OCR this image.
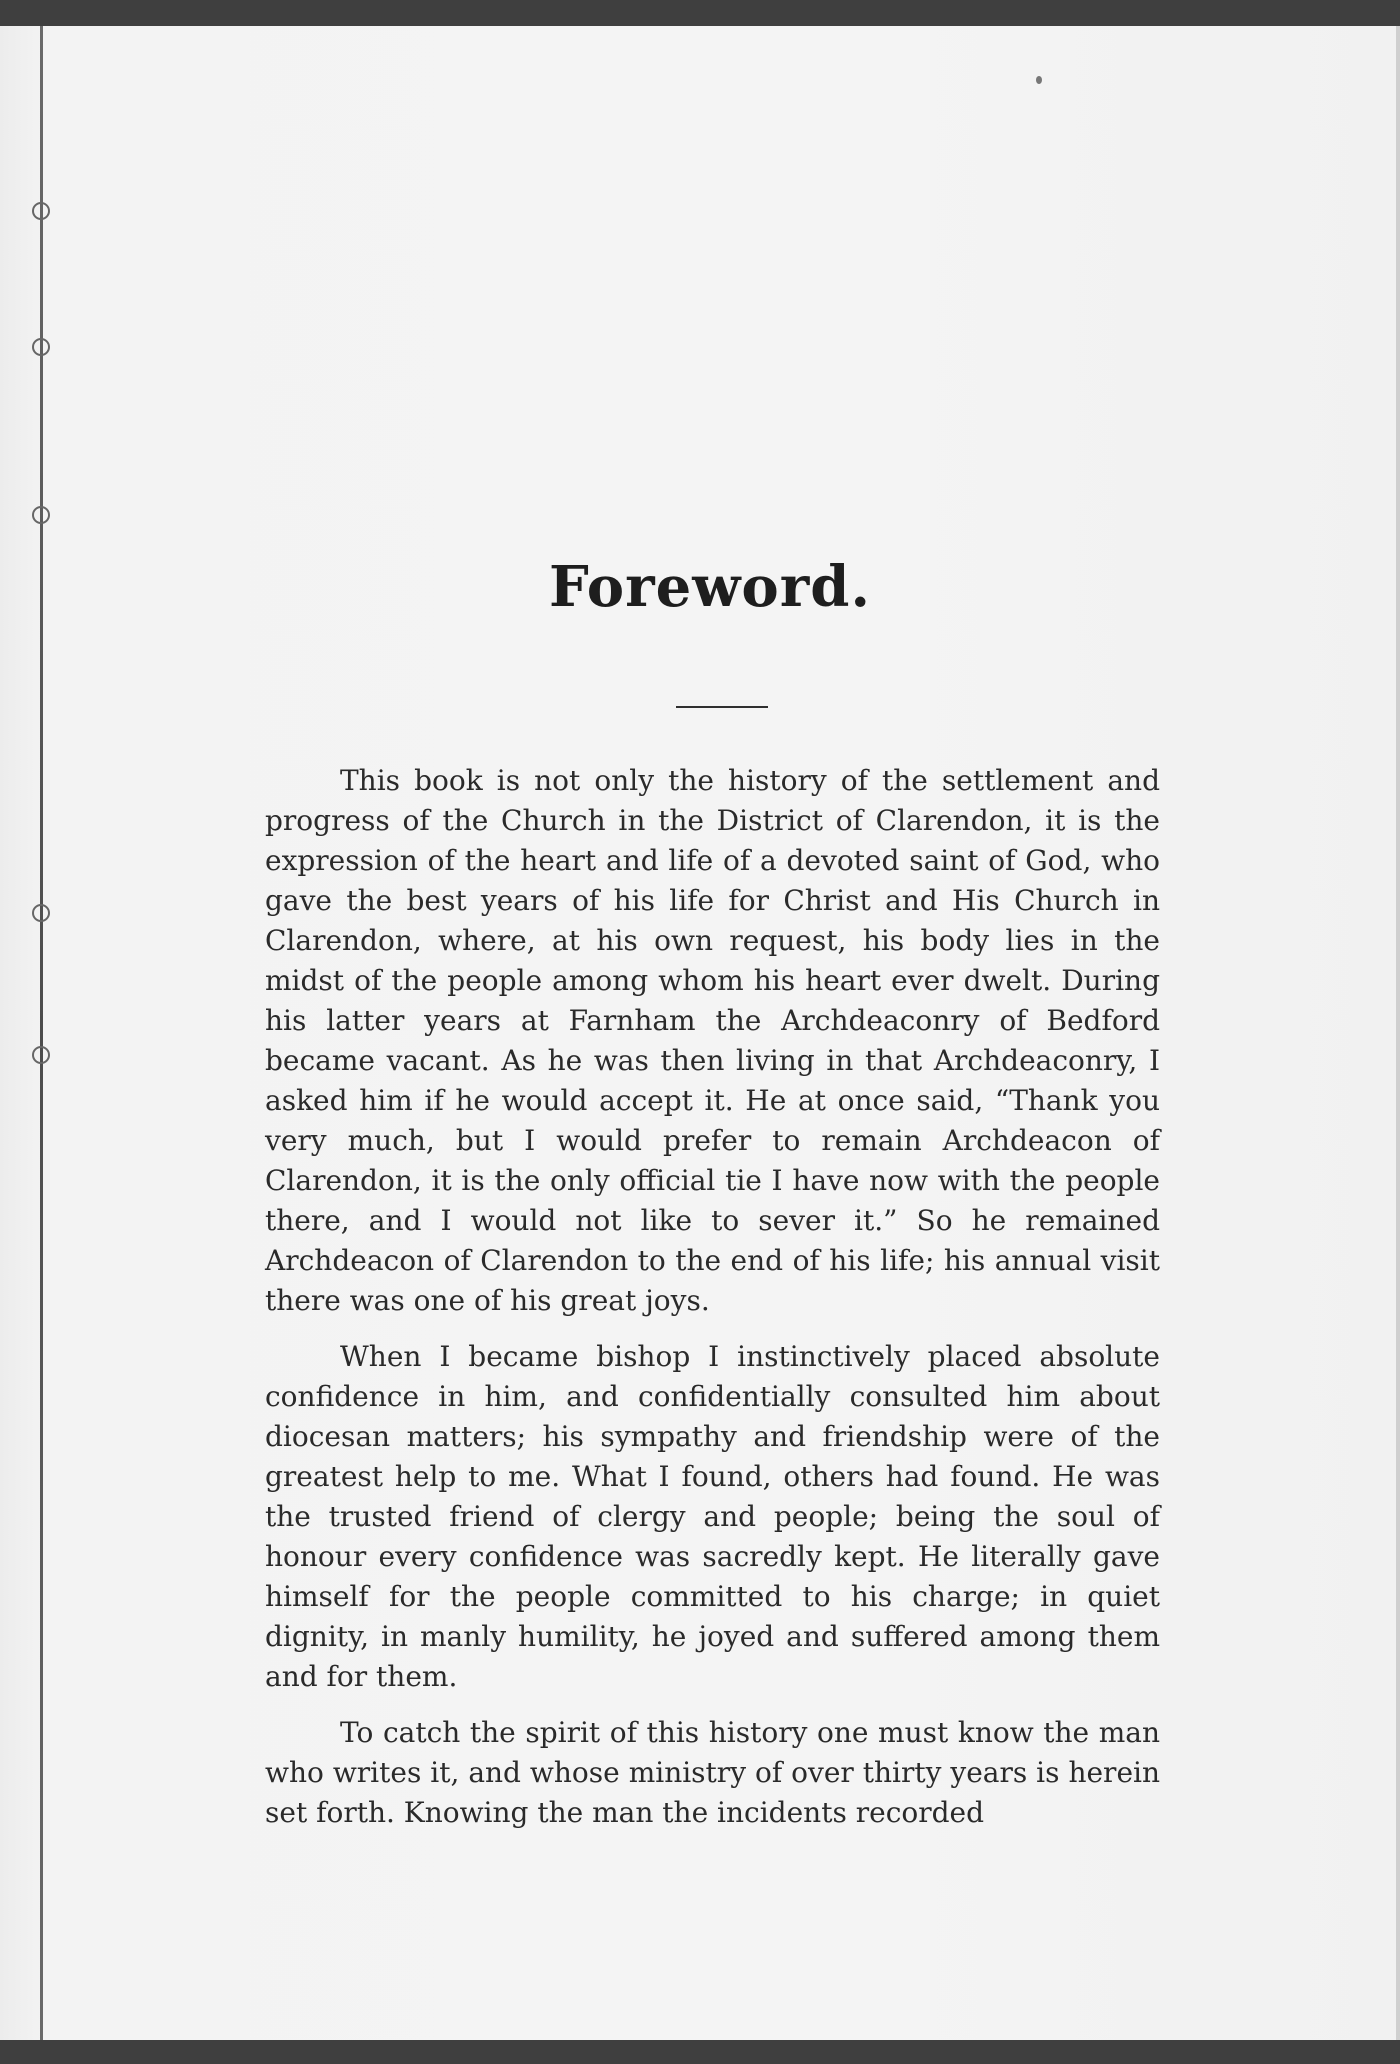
Foreword.

This book is not only the history of the settlement and progress of the Church in the District of Clarendon, it is the expression of the heart and life of a devoted saint of God, who gave the best years of his life for Christ and His Church in Clarendon, where, at his own request, his body lies in the midst of the people among whom his heart ever dwelt. During his latter years at Farnham the Archdeaconry of Bedford became vacant. As he was then living in that Archdeaconry, I asked him if he would accept it. He at once said, “Thank you very much, but I would prefer to remain Archdeacon of Clarendon, it is the only official tie I have now with the people there, and I would not like to sever it.” So he remained Archdeacon of Clarendon to the end of his life; his annual visit there was one of his great joys.

When I became bishop I instinctively placed absolute confidence in him, and confidentially consulted him about diocesan matters; his sympathy and friendship were of the greatest help to me. What I found, others had found. He was the trusted friend of clergy and people; being the soul of honour every confidence was sacredly kept. He literally gave himself for the people committed to his charge; in quiet dignity, in manly humility, he joyed and suffered among them and for them.

To catch the spirit of this history one must know the man who writes it, and whose ministry of over thirty years is herein set forth. Knowing the man the incidents recorded
